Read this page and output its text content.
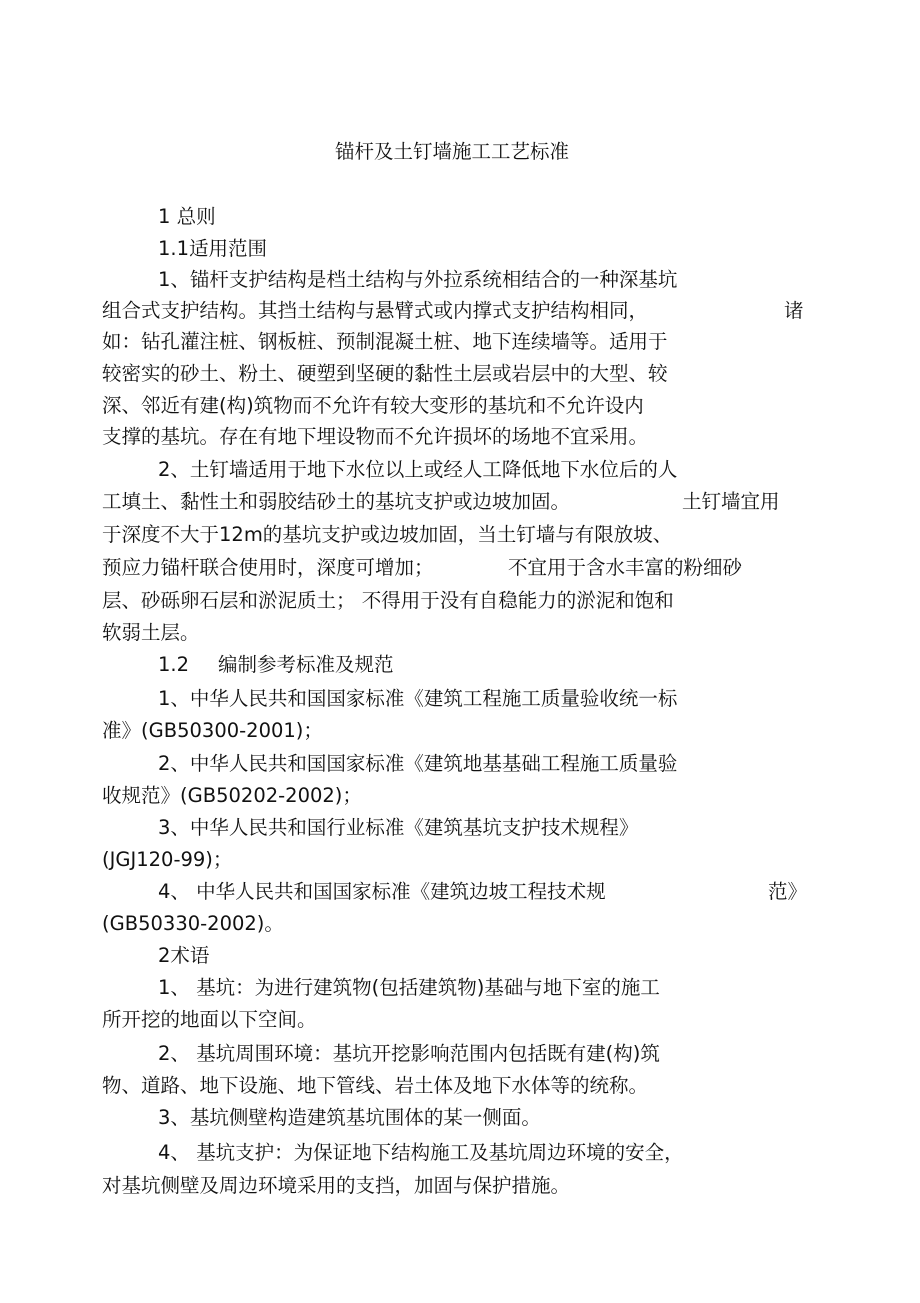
锚杆及土钉墙施工工艺标准
1 总则
1.1适用范围
1、锚杆支护结构是档土结构与外拉系统相结合的一种深基坑
组合式支护结构。其挡土结构与悬臂式或内撑式支护结构相同，	诸
如：钻孔灌注桩、钢板桩、预制混凝土桩、地下连续墙等。适用于
较密实的砂土、粉土、硬塑到坚硬的黏性土层或岩层中的大型、较
深、邻近有建(构)筑物而不允许有较大变形的基坑和不允许设内
支撑的基坑。存在有地下埋设物而不允许损坏的场地不宜采用。
2、土钉墙适用于地下水位以上或经人工降低地下水位后的人
工填土、黏性土和弱胶结砂土的基坑支护或边坡加固。	土钉墙宜用
于深度不大于12m的基坑支护或边坡加固，当土钉墙与有限放坡、
预应力锚杆联合使用时，深度可增加；	不宜用于含水丰富的粉细砂
层、砂砾卵石层和淤泥质土； 不得用于没有自稳能力的淤泥和饱和
软弱土层。
1.2 编制参考标准及规范
1、中华人民共和国国家标准《建筑工程施工质量验收统一标
准》(GB50300-2001)；
2、中华人民共和国国家标准《建筑地基基础工程施工质量验
收规范》(GB50202-2002)；
3、中华人民共和国行业标准《建筑基坑支护技术规程》
(JGJ120-99)；
4、 中华人民共和国国家标准《建筑边坡工程技术规	范》
(GB50330-2002)。
2术语
1、 基坑：为进行建筑物(包括建筑物)基础与地下室的施工
所开挖的地面以下空间。
2、 基坑周围环境：基坑开挖影响范围内包括既有建(构)筑
物、道路、地下设施、地下管线、岩土体及地下水体等的统称。
3、基坑侧壁构造建筑基坑围体的某一侧面。
4、 基坑支护：为保证地下结构施工及基坑周边环境的安全，
对基坑侧壁及周边环境采用的支挡，加固与保护措施。
